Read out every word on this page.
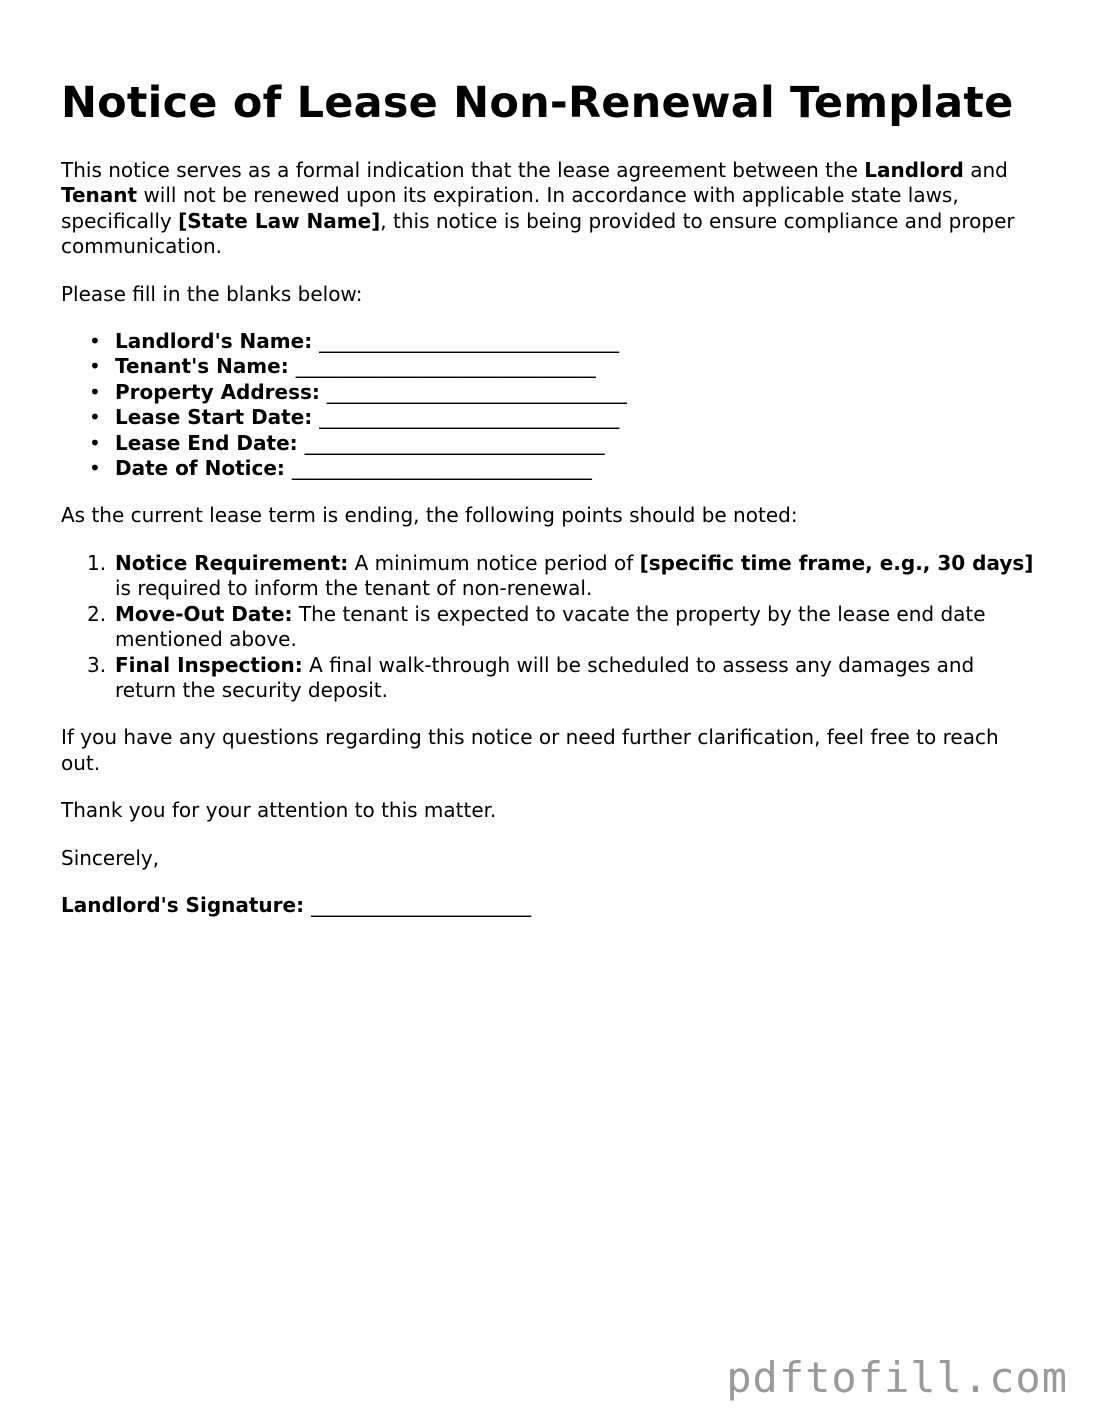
Notice of Lease Non-Renewal Template

This notice serves as a formal indication that the lease agreement between the Landlord and Tenant will not be renewed upon its expiration. In accordance with applicable state laws, specifically [State Law Name], this notice is being provided to ensure compliance and proper communication.

Please fill in the blanks below:

• Landlord's Name: ______________________________
• Tenant's Name: ______________________________
• Property Address: ______________________________
• Lease Start Date: ______________________________
• Lease End Date: ______________________________
• Date of Notice: ______________________________

As the current lease term is ending, the following points should be noted:

1. Notice Requirement: A minimum notice period of [specific time frame, e.g., 30 days] is required to inform the tenant of non-renewal.
2. Move-Out Date: The tenant is expected to vacate the property by the lease end date mentioned above.
3. Final Inspection: A final walk-through will be scheduled to assess any damages and return the security deposit.

If you have any questions regarding this notice or need further clarification, feel free to reach out.

Thank you for your attention to this matter.

Sincerely,

Landlord's Signature: ______________________
pdftofill.com
